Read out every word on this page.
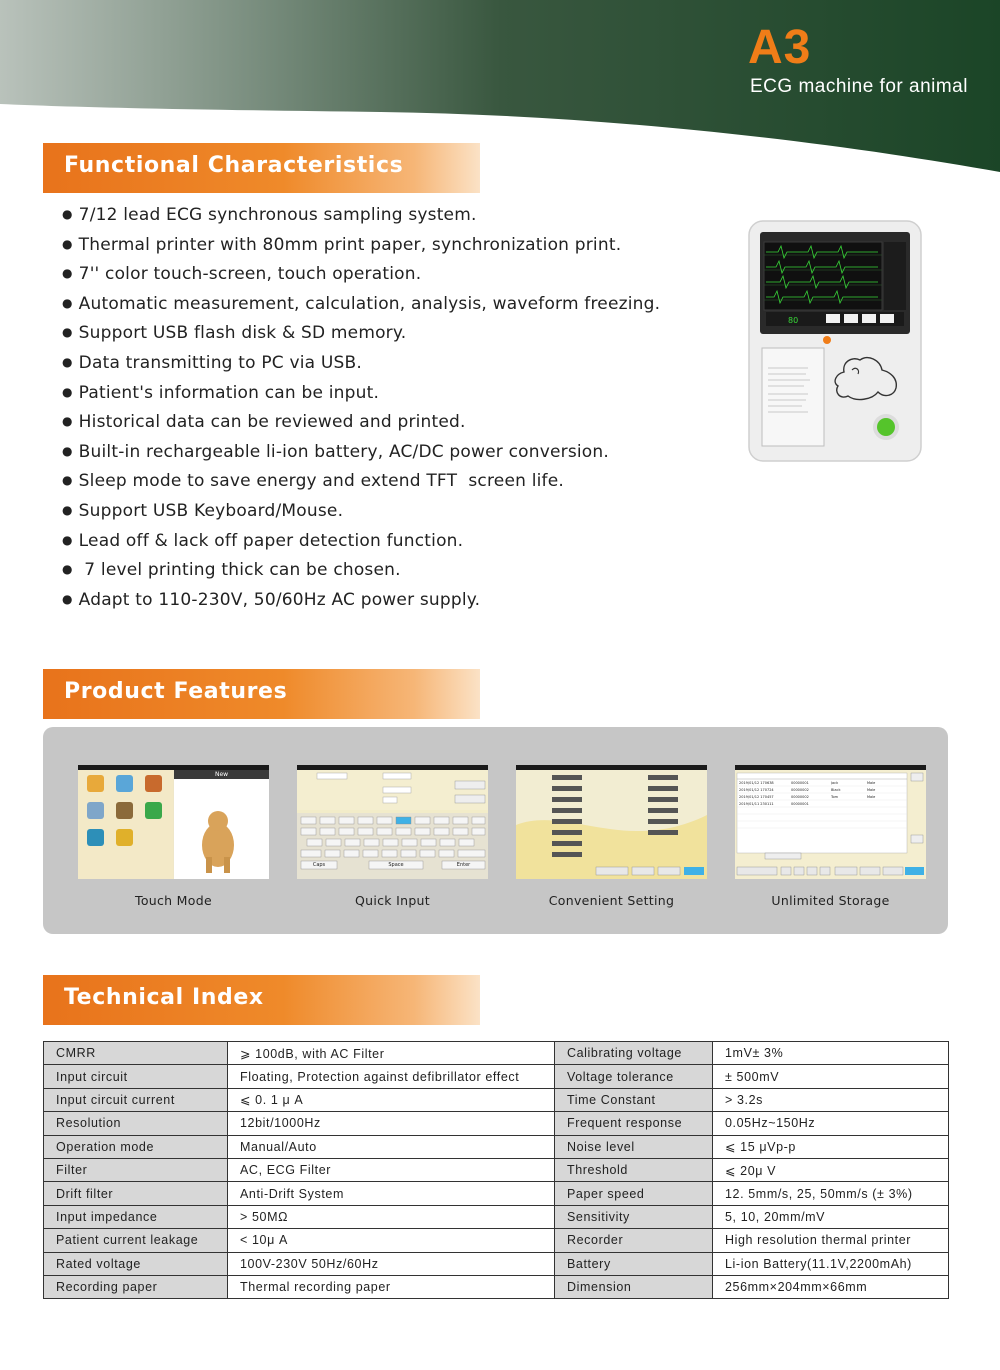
A3
ECG machine for animal
Functional Characteristics
● 7/12 lead ECG synchronous sampling system.
● Thermal printer with 80mm print paper, synchronization print.
● 7'' color touch-screen, touch operation.
● Automatic measurement, calculation, analysis, waveform freezing.
● Support USB flash disk & SD memory.
● Data transmitting to PC via USB.
● Patient's information can be input.
● Historical data can be reviewed and printed.
● Built-in rechargeable li-ion battery, AC/DC power conversion.
● Sleep mode to save energy and extend TFT  screen life.
● Support USB Keyboard/Mouse.
● Lead off & lack off paper detection function.
●  7 level printing thick can be chosen.
● Adapt to 110-230V, 50/60Hz AC power supply.
80
Product Features
New
Touch Mode
Caps	Space	Enter
Quick Input	Convenient Setting
2019/01/12 170638	00000001	Jack	Male
2019/01/12 170724	00000002	Black	Male
2019/01/12 170457	00000002	Tom	Male
2019/01/11 230111	00000001
Unlimited Storage
Technical Index
CMRR	⩾ 100dB, with AC Filter	Calibrating voltage	1mV± 3%
Input circuit	Floating, Protection against defibrillator effect	Voltage tolerance	± 500mV
Input circuit current	⩽ 0. 1 μ A	Time Constant	> 3.2s
Resolution	12bit/1000Hz	Frequent response	0.05Hz~150Hz
Operation mode	Manual/Auto	Noise level	⩽ 15 μVp-p
Filter	AC, ECG Filter	Threshold	⩽ 20μ V
Drift filter	Anti-Drift System	Paper speed	12. 5mm/s, 25, 50mm/s (± 3%)
Input impedance	> 50MΩ	Sensitivity	5, 10, 20mm/mV
Patient current leakage	< 10μ A	Recorder	High resolution thermal printer
Rated voltage	100V-230V 50Hz/60Hz	Battery	Li-ion Battery(11.1V,2200mAh)
Recording paper	Thermal recording paper	Dimension	256mm×204mm×66mm
